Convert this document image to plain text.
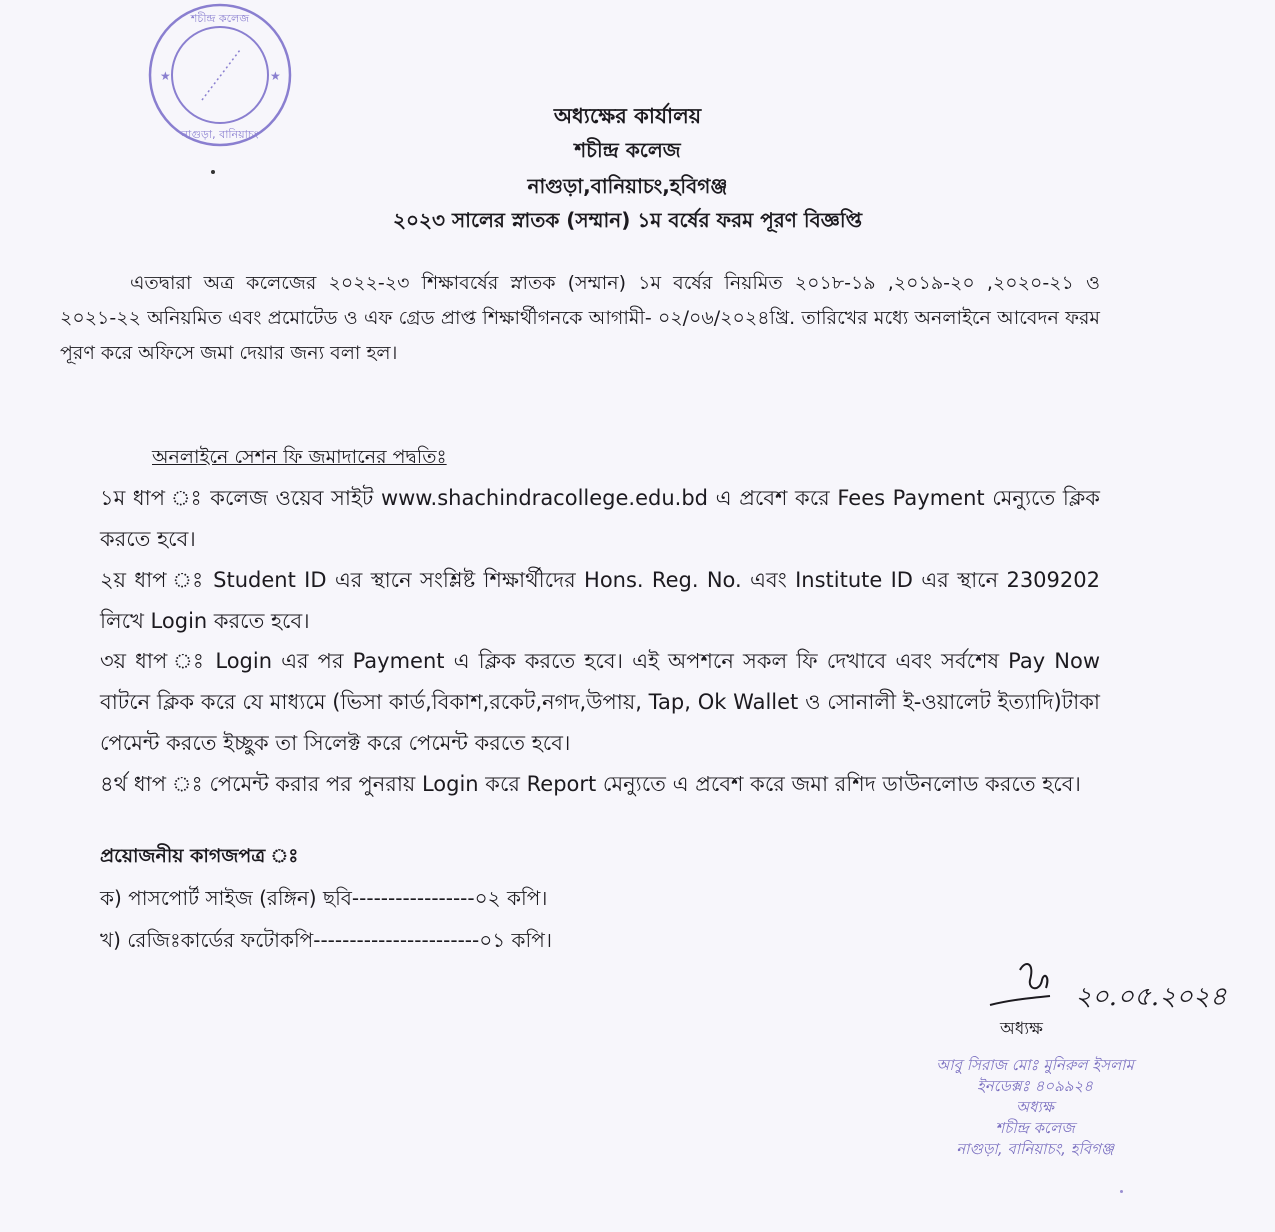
শচীন্দ্র কলেজ
নাগুড়া, বানিয়াচং
★	★
অধ্যক্ষের কার্যালয়
শচীন্দ্র কলেজ
নাগুড়া,বানিয়াচং,হবিগঞ্জ
২০২৩ সালের স্নাতক (সম্মান) ১ম বর্ষের ফরম পূরণ বিজ্ঞপ্তি
এতদ্বারা অত্র কলেজের ২০২২-২৩ শিক্ষাবর্ষের স্নাতক (সম্মান) ১ম বর্ষের নিয়মিত ২০১৮-১৯ ,২০১৯-২০ ,২০২০-২১ ও ২০২১-২২ অনিয়মিত এবং প্রমোটেড ও এফ গ্রেড প্রাপ্ত শিক্ষার্থীগনকে আগামী- ০২/০৬/২০২৪খ্রি. তারিখের মধ্যে অনলাইনে আবেদন ফরম পূরণ করে অফিসে জমা দেয়ার জন্য বলা হল।
অনলাইনে সেশন ফি জমাদানের পদ্বতিঃ
১ম ধাপ ঃ কলেজ ওয়েব সাইট www.shachindracollege.edu.bd এ প্রবেশ করে Fees Payment মেন্যুতে ক্লিক করতে হবে।
২য় ধাপ ঃ Student ID এর স্থানে সংশ্লিষ্ট শিক্ষার্থীদের Hons. Reg. No. এবং Institute ID এর স্থানে 2309202 লিখে Login করতে হবে।
৩য় ধাপ ঃ Login এর পর Payment এ ক্লিক করতে হবে। এই অপশনে সকল ফি দেখাবে এবং সর্বশেষ Pay Now বাটনে ক্লিক করে যে মাধ্যমে (ভিসা কার্ড,বিকাশ,রকেট,নগদ,উপায়, Tap, Ok Wallet ও সোনালী ই-ওয়ালেট ইত্যাদি)টাকা পেমেন্ট করতে ইচ্ছুক তা সিলেক্ট করে পেমেন্ট করতে হবে।
৪র্থ ধাপ ঃ পেমেন্ট করার পর পুনরায় Login করে Report মেন্যুতে এ প্রবেশ করে জমা রশিদ ডাউনলোড করতে হবে।
প্রয়োজনীয় কাগজপত্র ঃ
ক) পাসপোর্ট সাইজ (রঙ্গিন) ছবি-----------------০২ কপি।
খ) রেজিঃকার্ডের ফটোকপি-----------------------০১ কপি।
২০.০৫.২০২৪
অধ্যক্ষ
আবু সিরাজ মোঃ মুনিরুল ইসলাম
ইনডেক্সঃ ৪০৯৯২৪
অধ্যক্ষ
শচীন্দ্র কলেজ
নাগুড়া, বানিয়াচং, হবিগঞ্জ
